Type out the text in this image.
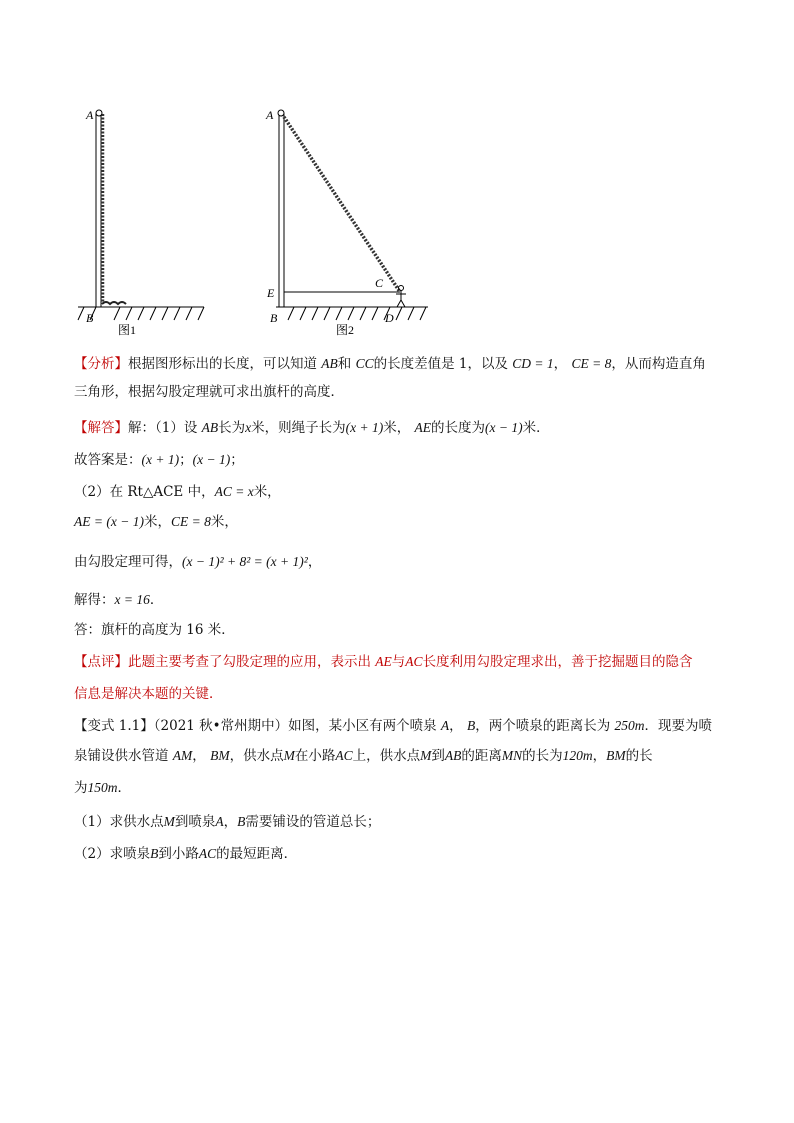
A
B
图1
A
E
C
B	D
图2
【分析】根据图形标出的长度，可以知道 AB和 CC的长度差值是 1，以及 CD = 1， CE = 8，从而构造直角
三角形，根据勾股定理就可求出旗杆的高度．
【解答】解：（1）设 AB长为x米，则绳子长为(x + 1)米， AE的长度为(x − 1)米．
故答案是：(x + 1)；(x − 1)；
（2）在 Rt△ACE 中，AC = x米，
AE = (x − 1)米，CE = 8米，
由勾股定理可得，(x − 1)² + 8² = (x + 1)²，
解得：x = 16．
答：旗杆的高度为 16 米．
【点评】此题主要考查了勾股定理的应用，表示出 AE与AC长度利用勾股定理求出，善于挖掘题目的隐含
信息是解决本题的关键．
【变式 1.1】（2021 秋•常州期中）如图，某小区有两个喷泉 A， B，两个喷泉的距离长为 250m．现要为喷
泉铺设供水管道 AM， BM，供水点M在小路AC上，供水点M到AB的距离MN的长为120m，BM的长
为150m．
（1）求供水点M到喷泉A，B需要铺设的管道总长；
（2）求喷泉B到小路AC的最短距离．
